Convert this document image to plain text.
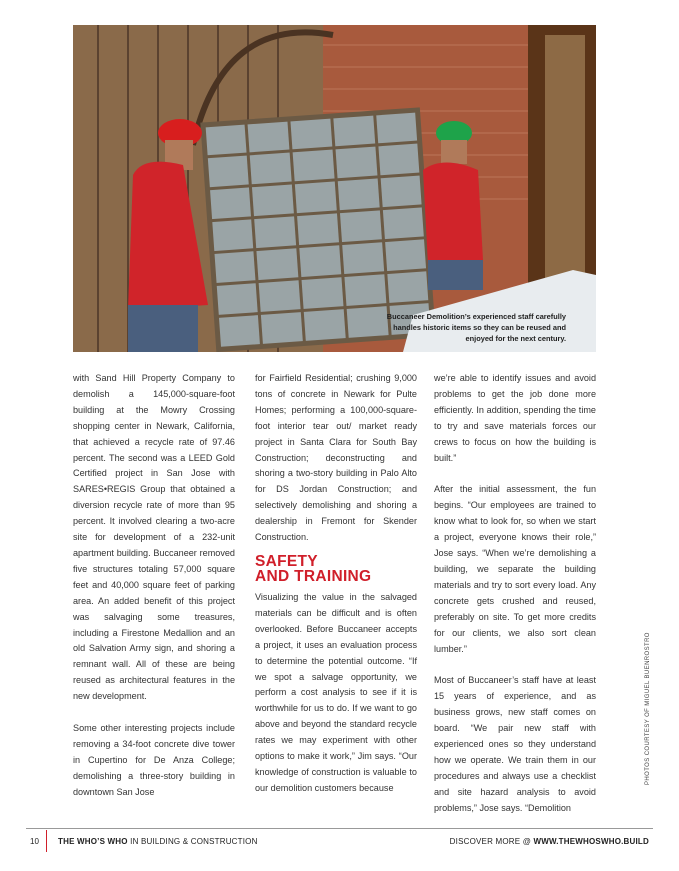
Buccaneer Demolition’s experienced staff carefully handles historic items so they can be reused and enjoyed for the next century.

with Sand Hill Property Company to demolish a 145,000-square-foot building at the Mowry Crossing shopping center in Newark, California, that achieved a recycle rate of 97.46 percent. The second was a LEED Gold Certified project in San Jose with SARES•REGIS Group that obtained a diversion recycle rate of more than 95 percent. It involved clearing a two-acre site for development of a 232-unit apartment building. Buccaneer removed five structures totaling 57,000 square feet and 40,000 square feet of parking area. An added benefit of this project was salvaging some treasures, including a Firestone Medallion and an old Salvation Army sign, and shoring a remnant wall. All of these are being reused as architectural features in the new development.

Some other interesting projects include removing a 34-foot concrete dive tower in Cupertino for De Anza College; demolishing a three-story building in downtown San Jose

for Fairfield Residential; crushing 9,000 tons of concrete in Newark for Pulte Homes; performing a 100,000-square-foot interior tear out/ market ready project in Santa Clara for South Bay Construction; deconstructing and shoring a two-story building in Palo Alto for DS Jordan Construction; and selectively demolishing and shoring a dealership in Fremont for Skender Construction.

SAFETY
AND TRAINING

Visualizing the value in the salvaged materials can be difficult and is often overlooked. Before Buccaneer accepts a project, it uses an evaluation process to determine the potential outcome. “If we spot a salvage opportunity, we perform a cost analysis to see if it is worthwhile for us to do. If we want to go above and beyond the standard recycle rates we may experiment with other options to make it work,” Jim says. “Our knowledge of construction is valuable to our demolition customers because

we’re able to identify issues and avoid problems to get the job done more efficiently. In addition, spending the time to try and save materials forces our crews to focus on how the building is built.”

After the initial assessment, the fun begins. “Our employees are trained to know what to look for, so when we start a project, everyone knows their role,” Jose says. “When we’re demolishing a building, we separate the building materials and try to sort every load. Any concrete gets crushed and reused, preferably on site. To get more credits for our clients, we also sort clean lumber.”

Most of Buccaneer’s staff have at least 15 years of experience, and as business grows, new staff comes on board. “We pair new staff with experienced ones so they understand how we operate. We train them in our procedures and always use a checklist and site hazard analysis to avoid problems,” Jose says. “Demolition

PHOTOS COURTESY OF MIGUEL BUENROSTRO
10 THE WHO’S WHO IN BUILDING & CONSTRUCTION	DISCOVER MORE @ WWW.THEWHOSWHO.BUILD
